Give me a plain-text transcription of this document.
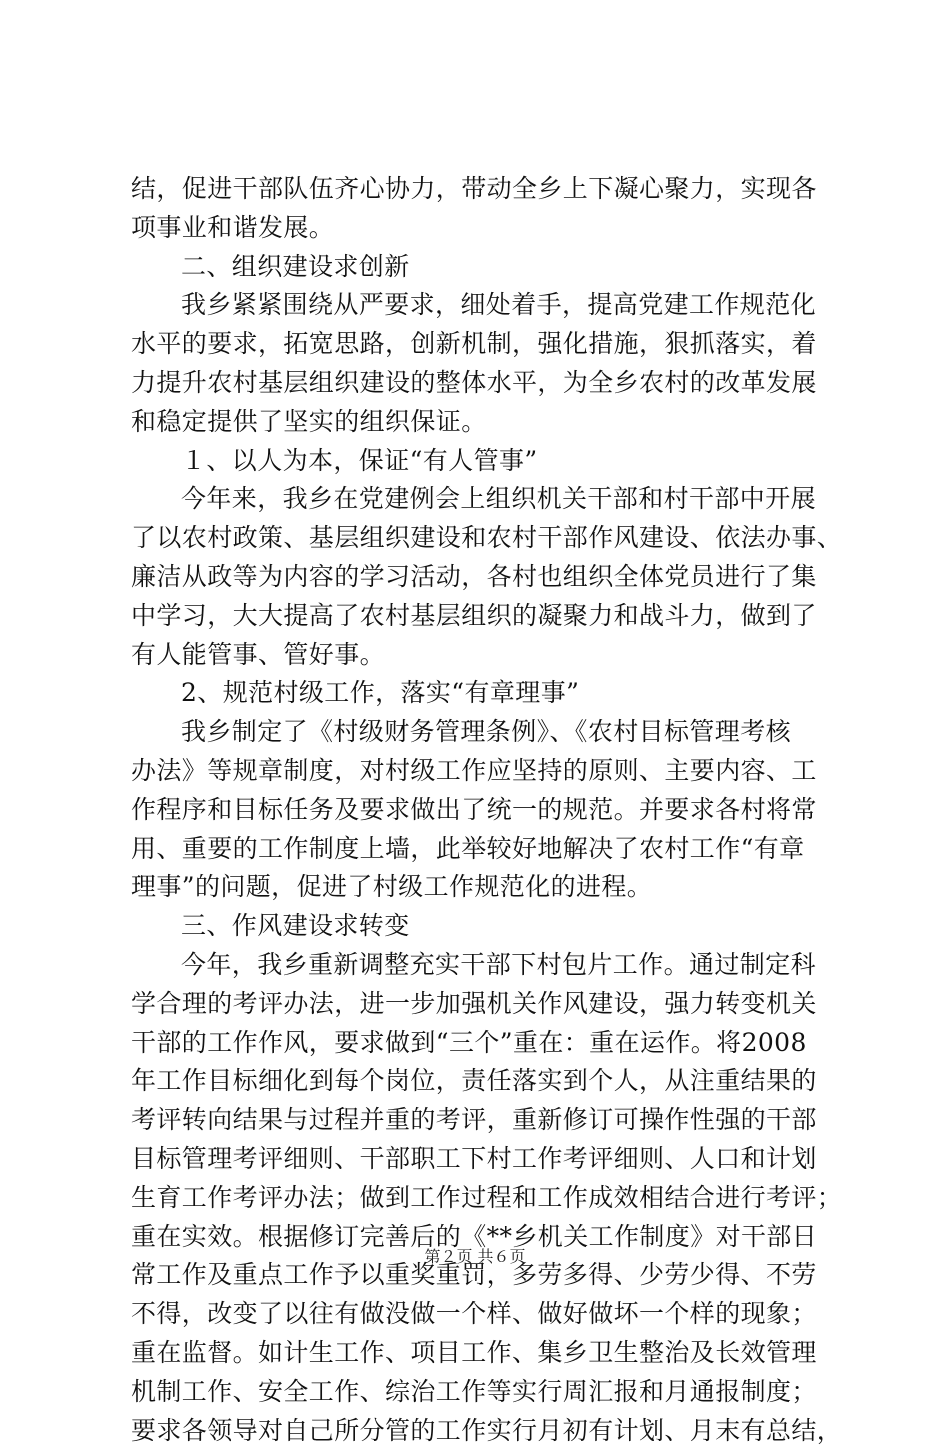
结，促进干部队伍齐心协力，带动全乡上下凝心聚力，实现各
项事业和谐发展。
二、组织建设求创新
我乡紧紧围绕从严要求，细处着手，提高党建工作规范化
水平的要求，拓宽思路，创新机制，强化措施，狠抓落实，着
力提升农村基层组织建设的整体水平，为全乡农村的改革发展
和稳定提供了坚实的组织保证。
１、以人为本，保证“有人管事”
今年来，我乡在党建例会上组织机关干部和村干部中开展
了以农村政策、基层组织建设和农村干部作风建设、依法办事、
廉洁从政等为内容的学习活动，各村也组织全体党员进行了集
中学习，大大提高了农村基层组织的凝聚力和战斗力，做到了
有人能管事、管好事。
2、规范村级工作，落实“有章理事”
我乡制定了《村级财务管理条例》、《农村目标管理考核
办法》等规章制度，对村级工作应坚持的原则、主要内容、工
作程序和目标任务及要求做出了统一的规范。并要求各村将常
用、重要的工作制度上墙，此举较好地解决了农村工作“有章
理事”的问题，促进了村级工作规范化的进程。
三、作风建设求转变
今年，我乡重新调整充实干部下村包片工作。通过制定科
学合理的考评办法，进一步加强机关作风建设，强力转变机关
干部的工作作风，要求做到“三个”重在：重在运作。将2008
年工作目标细化到每个岗位，责任落实到个人，从注重结果的
考评转向结果与过程并重的考评，重新修订可操作性强的干部
目标管理考评细则、干部职工下村工作考评细则、人口和计划
生育工作考评办法；做到工作过程和工作成效相结合进行考评；
重在实效。根据修订完善后的《**乡机关工作制度》对干部日
常工作及重点工作予以重奖重罚，多劳多得、少劳少得、不劳
不得，改变了以往有做没做一个样、做好做坏一个样的现象；
重在监督。如计生工作、项目工作、集乡卫生整治及长效管理
机制工作、安全工作、综治工作等实行周汇报和月通报制度；
要求各领导对自己所分管的工作实行月初有计划、月末有总结，
第２页 共６页
